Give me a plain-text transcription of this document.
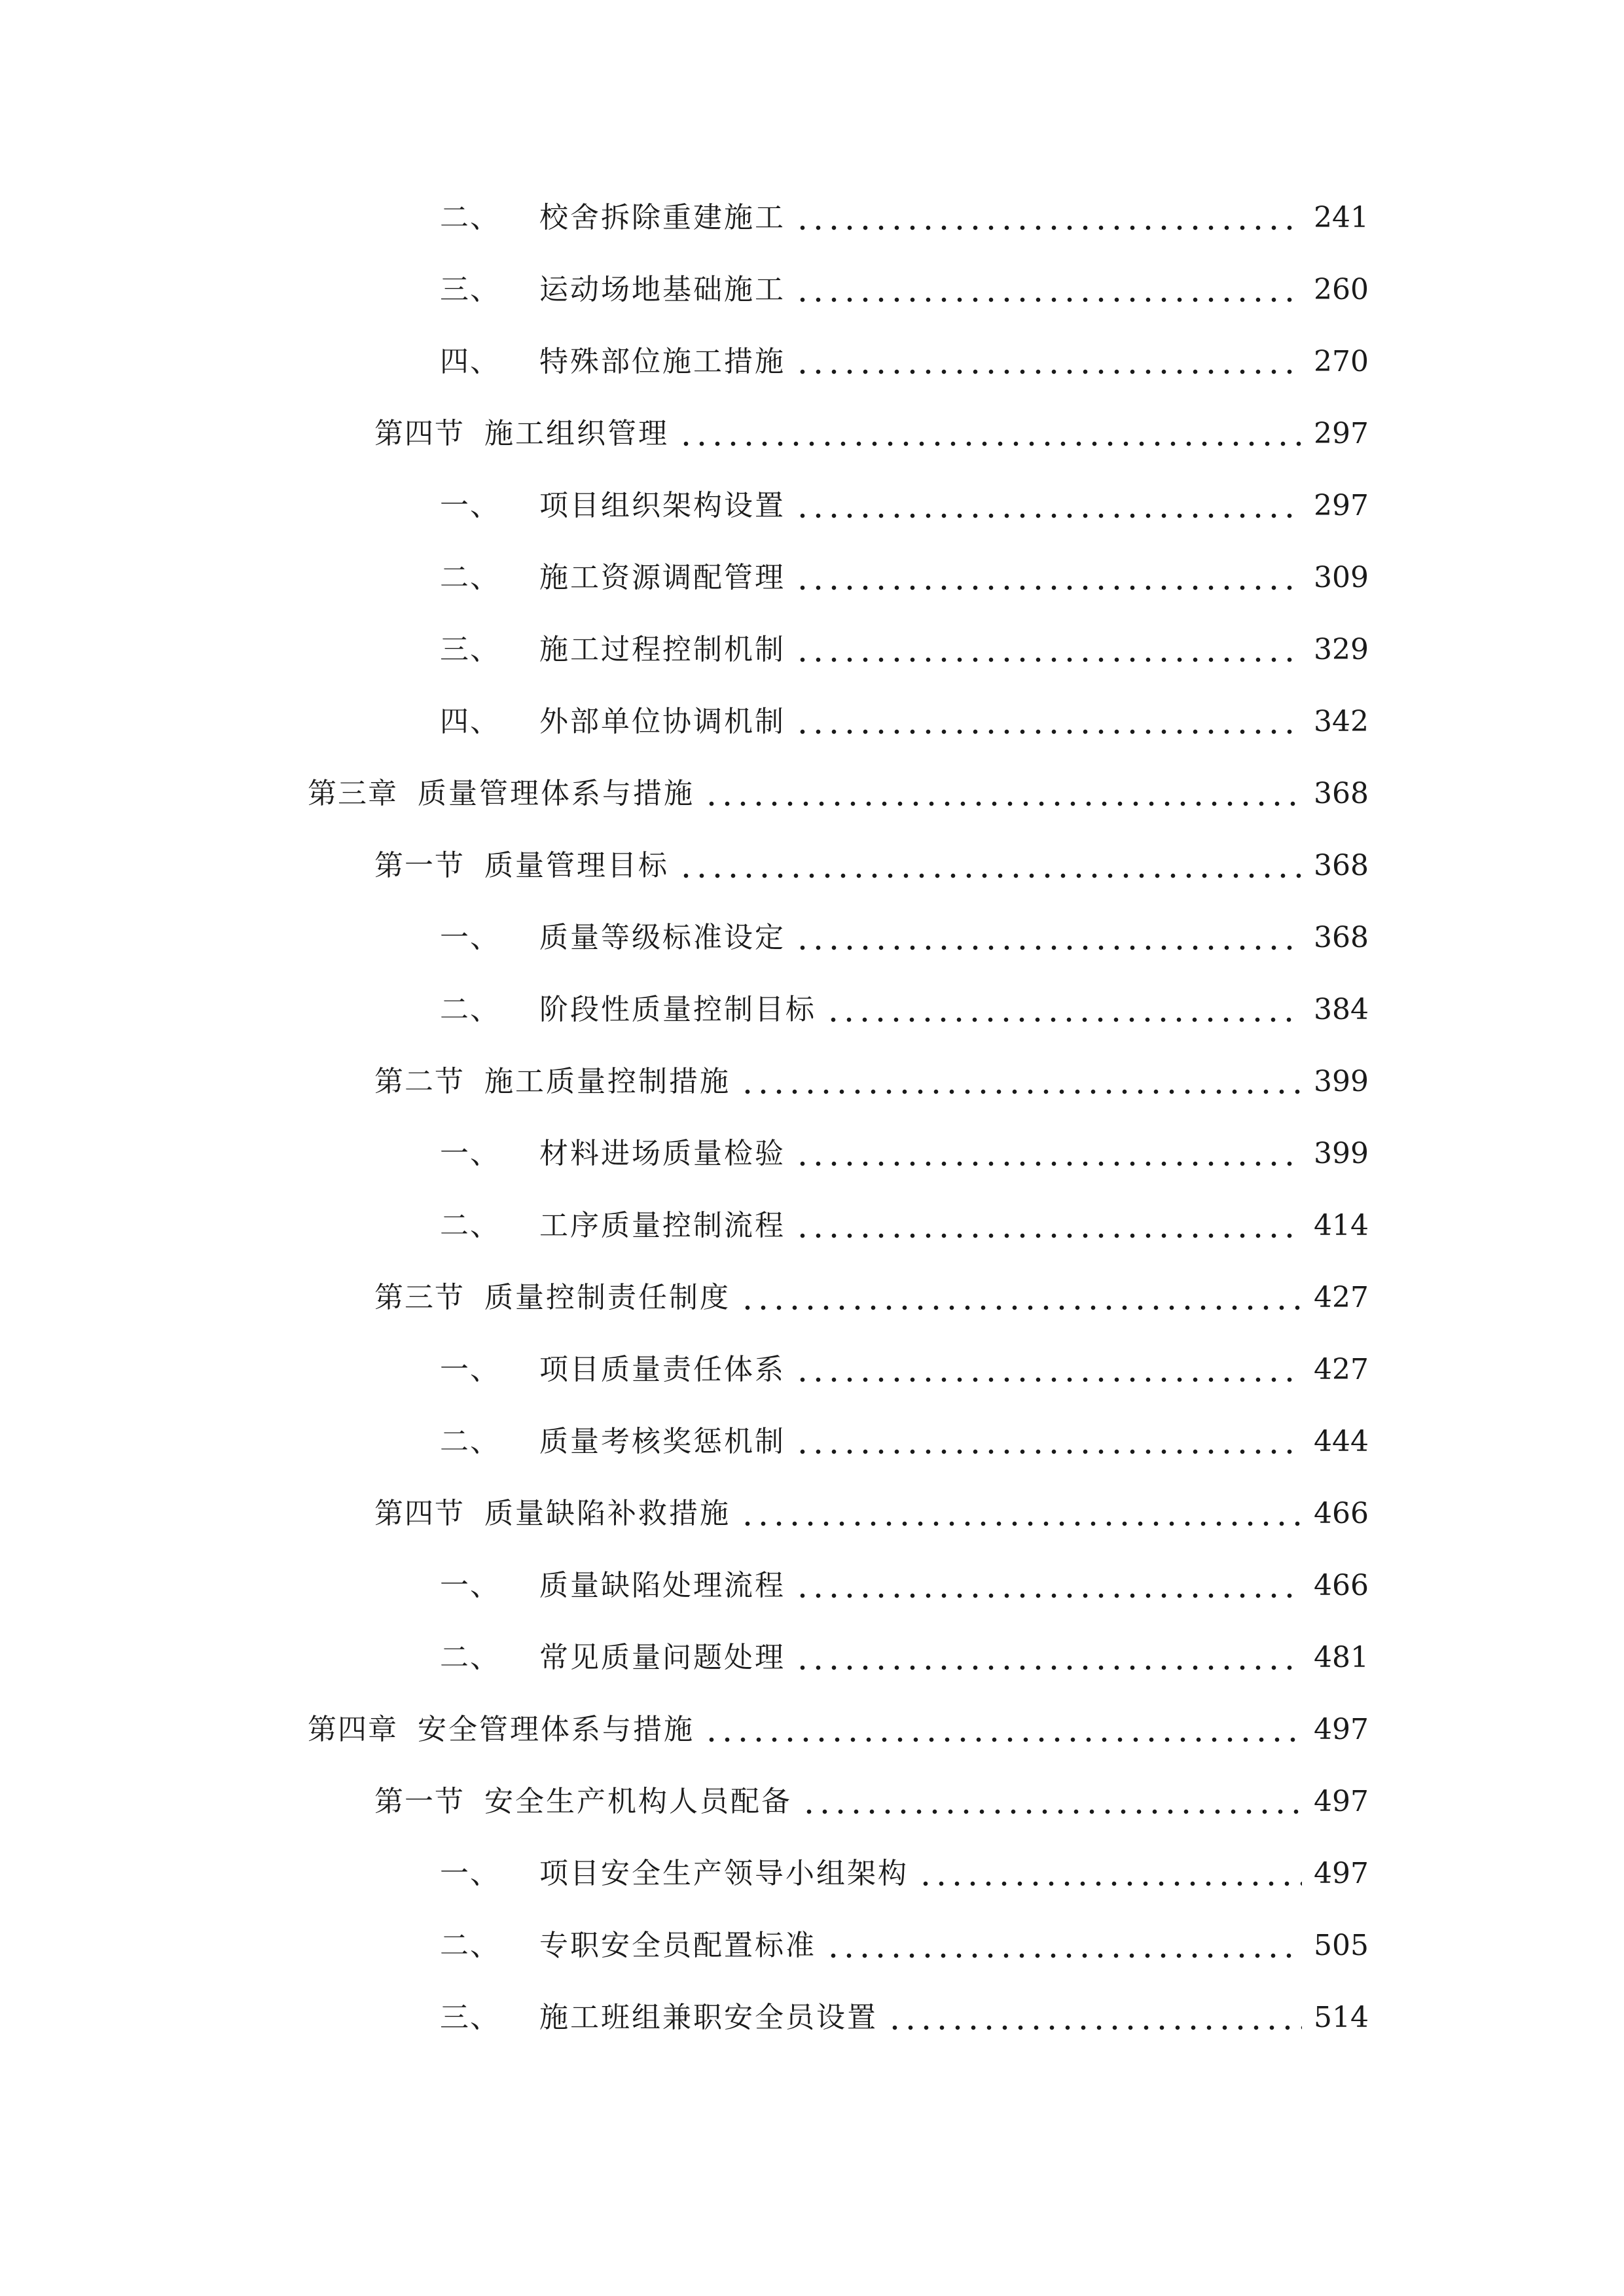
二、 校舍拆除重建施工	241
三、 运动场地基础施工	260
四、 特殊部位施工措施	270
第四节 施工组织管理	297
一、 项目组织架构设置	297
二、 施工资源调配管理	309
三、 施工过程控制机制	329
四、 外部单位协调机制	342
第三章 质量管理体系与措施	368
第一节 质量管理目标	368
一、 质量等级标准设定	368
二、 阶段性质量控制目标	384
第二节 施工质量控制措施	399
一、 材料进场质量检验	399
二、 工序质量控制流程	414
第三节 质量控制责任制度	427
一、 项目质量责任体系	427
二、 质量考核奖惩机制	444
第四节 质量缺陷补救措施	466
一、 质量缺陷处理流程	466
二、 常见质量问题处理	481
第四章 安全管理体系与措施	497
第一节 安全生产机构人员配备	497
一、 项目安全生产领导小组架构	497
二、 专职安全员配置标准	505
三、 施工班组兼职安全员设置	514
